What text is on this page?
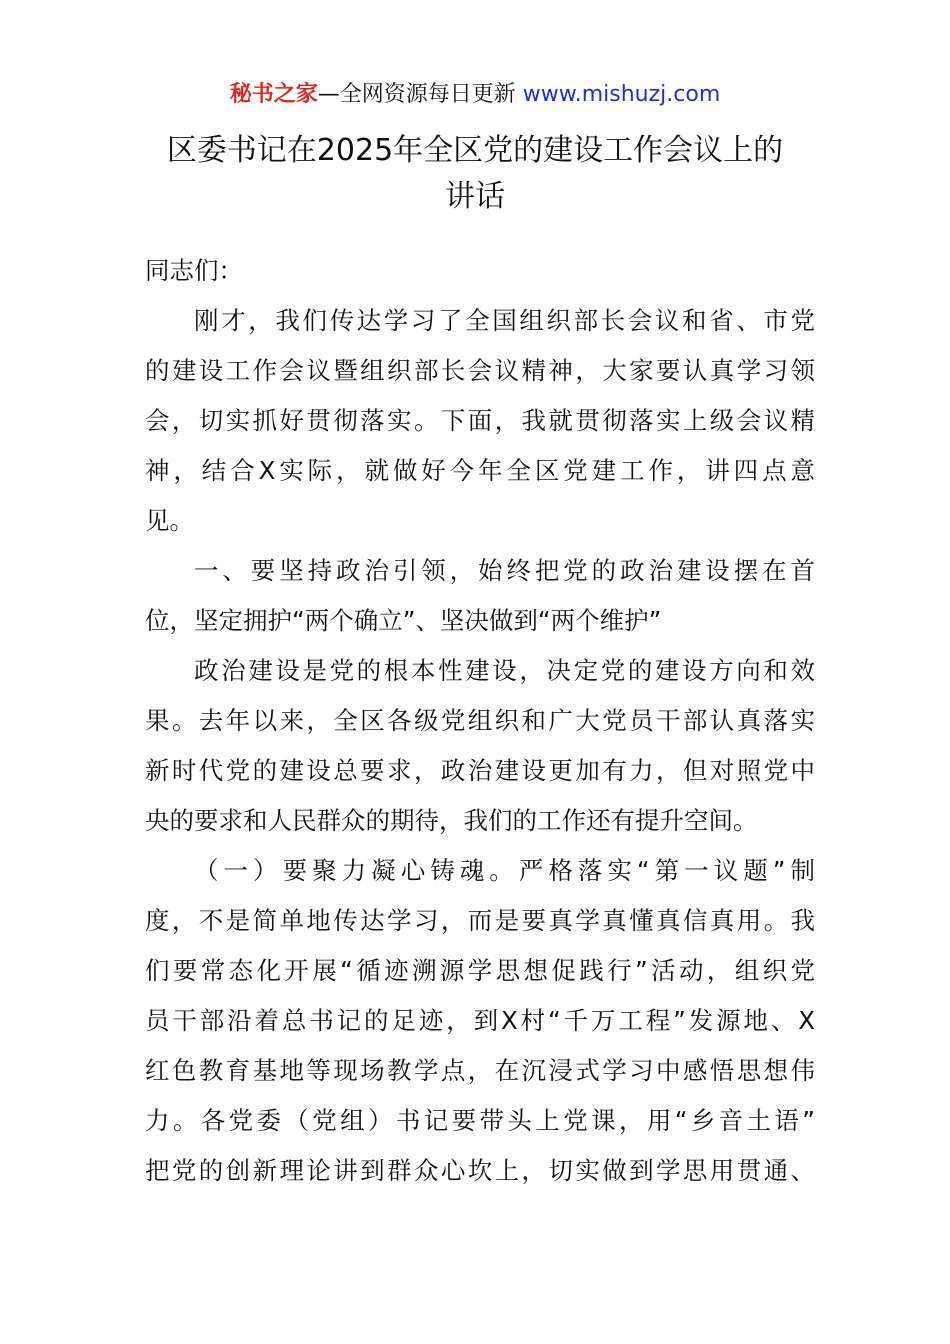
秘书之家—全网资源每日更新 www.mishuzj.com
区委书记在2025年全区党的建设工作会议上的
讲话
同志们：
刚才，我们传达学习了全国组织部长会议和省、市党
的建设工作会议暨组织部长会议精神，大家要认真学习领
会，切实抓好贯彻落实。下面，我就贯彻落实上级会议精
神，结合X实际，就做好今年全区党建工作，讲四点意
见。
一、要坚持政治引领，始终把党的政治建设摆在首
位，坚定拥护“两个确立”、坚决做到“两个维护”
政治建设是党的根本性建设，决定党的建设方向和效
果。去年以来，全区各级党组织和广大党员干部认真落实
新时代党的建设总要求，政治建设更加有力，但对照党中
央的要求和人民群众的期待，我们的工作还有提升空间。
（一）要聚力凝心铸魂。严格落实“第一议题”制
度，不是简单地传达学习，而是要真学真懂真信真用。我
们要常态化开展“循迹溯源学思想促践行”活动，组织党
员干部沿着总书记的足迹，到X村“千万工程”发源地、X
红色教育基地等现场教学点，在沉浸式学习中感悟思想伟
力。各党委（党组）书记要带头上党课，用“乡音土语”
把党的创新理论讲到群众心坎上，切实做到学思用贯通、
